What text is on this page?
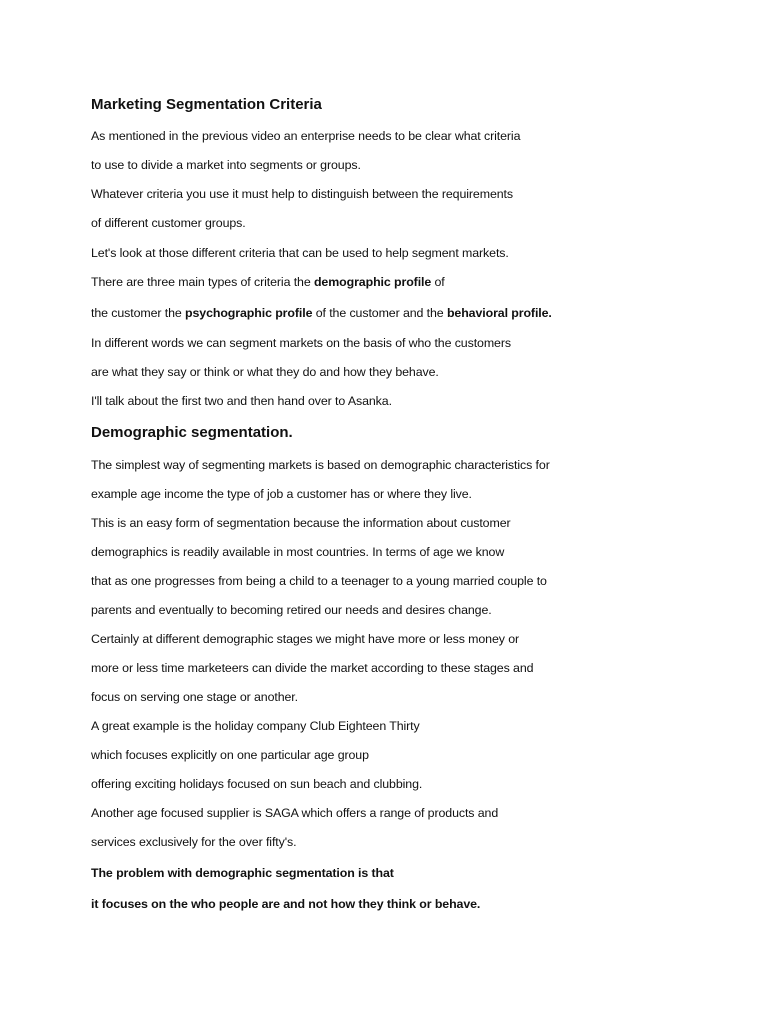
Marketing Segmentation Criteria
As mentioned in the previous video an enterprise needs to be clear what criteria
to use to divide a market into segments or groups.
Whatever criteria you use it must help to distinguish between the requirements
of different customer groups.
Let's look at those different criteria that can be used to help segment markets.
There are three main types of criteria the demographic profile of
the customer the psychographic profile of the customer and the behavioral profile.
In different words we can segment markets on the basis of who the customers
are what they say or think or what they do and how they behave.
I'll talk about the first two and then hand over to Asanka.
Demographic segmentation.
The simplest way of segmenting markets is based on demographic characteristics for
example age income the type of job a customer has or where they live.
This is an easy form of segmentation because the information about customer
demographics is readily available in most countries. In terms of age we know
that as one progresses from being a child to a teenager to a young married couple to
parents and eventually to becoming retired our needs and desires change.
Certainly at different demographic stages we might have more or less money or
more or less time marketeers can divide the market according to these stages and
focus on serving one stage or another.
A great example is the holiday company Club Eighteen Thirty
which focuses explicitly on one particular age group
offering exciting holidays focused on sun beach and clubbing.
Another age focused supplier is SAGA which offers a range of products and
services exclusively for the over fifty's.
The problem with demographic segmentation is that
it focuses on the who people are and not how they think or behave.
